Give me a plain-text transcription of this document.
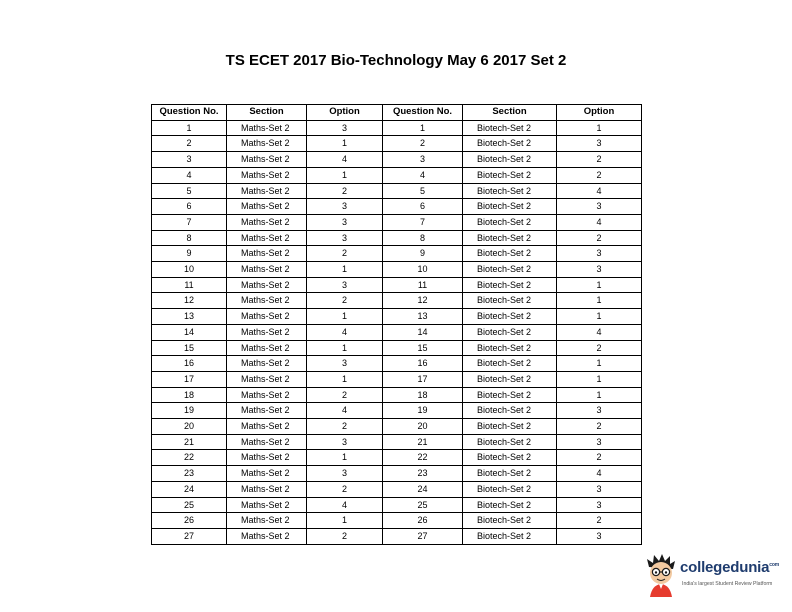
TS ECET 2017 Bio-Technology May 6 2017 Set 2
Question No.	Section	Option	Question No.	Section	Option
1	Maths-Set 2	3	1	Biotech-Set 2	1
2	Maths-Set 2	1	2	Biotech-Set 2	3
3	Maths-Set 2	4	3	Biotech-Set 2	2
4	Maths-Set 2	1	4	Biotech-Set 2	2
5	Maths-Set 2	2	5	Biotech-Set 2	4
6	Maths-Set 2	3	6	Biotech-Set 2	3
7	Maths-Set 2	3	7	Biotech-Set 2	4
8	Maths-Set 2	3	8	Biotech-Set 2	2
9	Maths-Set 2	2	9	Biotech-Set 2	3
10	Maths-Set 2	1	10	Biotech-Set 2	3
11	Maths-Set 2	3	11	Biotech-Set 2	1
12	Maths-Set 2	2	12	Biotech-Set 2	1
13	Maths-Set 2	1	13	Biotech-Set 2	1
14	Maths-Set 2	4	14	Biotech-Set 2	4
15	Maths-Set 2	1	15	Biotech-Set 2	2
16	Maths-Set 2	3	16	Biotech-Set 2	1
17	Maths-Set 2	1	17	Biotech-Set 2	1
18	Maths-Set 2	2	18	Biotech-Set 2	1
19	Maths-Set 2	4	19	Biotech-Set 2	3
20	Maths-Set 2	2	20	Biotech-Set 2	2
21	Maths-Set 2	3	21	Biotech-Set 2	3
22	Maths-Set 2	1	22	Biotech-Set 2	2
23	Maths-Set 2	3	23	Biotech-Set 2	4
24	Maths-Set 2	2	24	Biotech-Set 2	3
25	Maths-Set 2	4	25	Biotech-Set 2	3
26	Maths-Set 2	1	26	Biotech-Set 2	2
27	Maths-Set 2	2	27	Biotech-Set 2	3
collegedunia$^{com}$
India's largest Student Review Platform
